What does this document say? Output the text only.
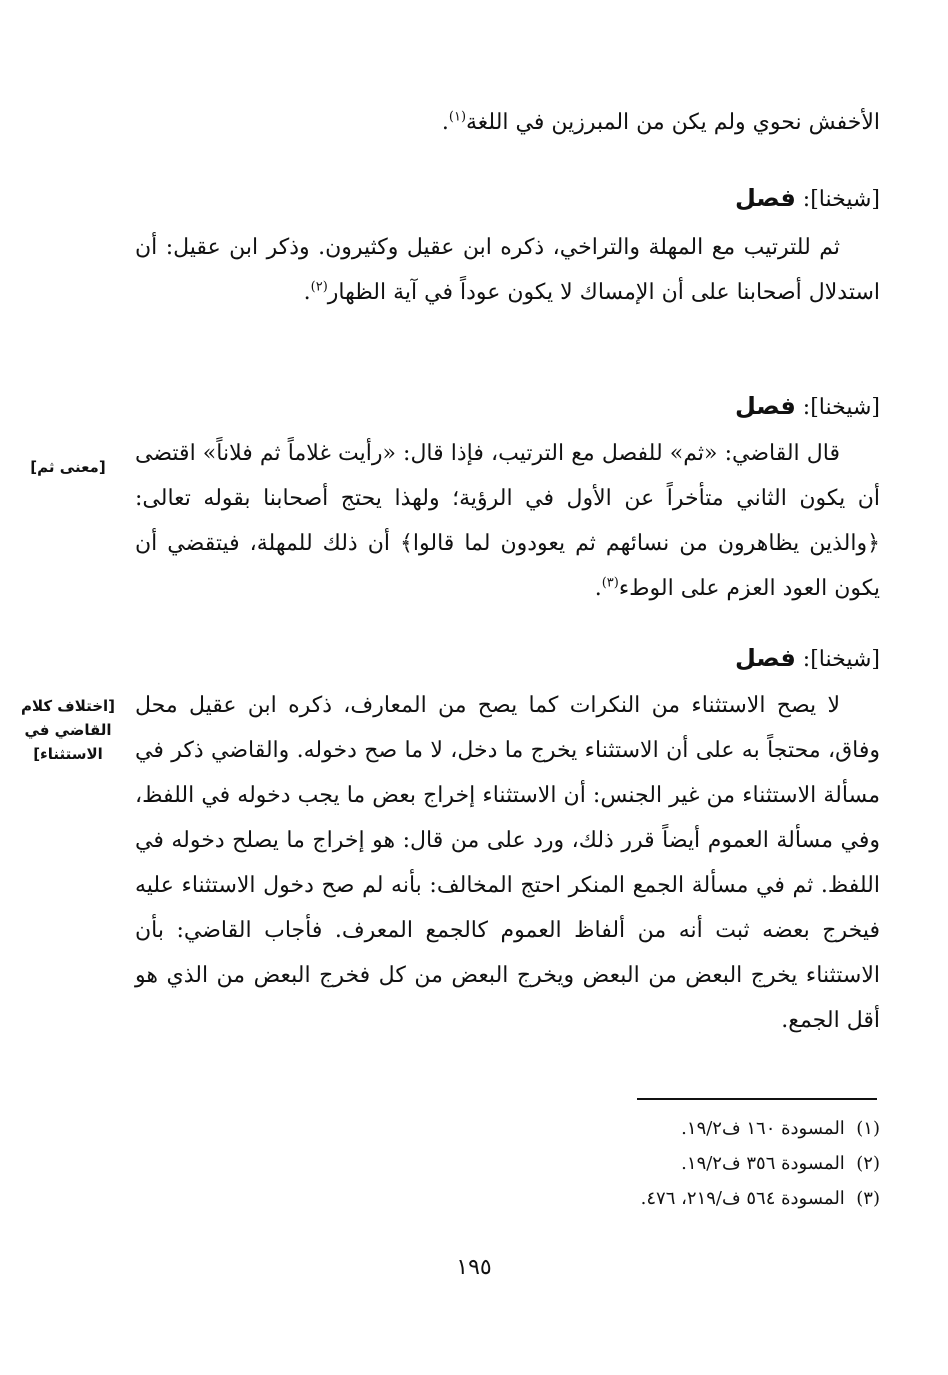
الأخفش نحوي ولم يكن من المبرزين في اللغة$^{(١)}$.
[شيخنا]: فصل
ثم للترتيب مع المهلة والتراخي، ذكره ابن عقيل وكثيرون. وذكر ابن عقيل: أن استدلال أصحابنا على أن الإمساك لا يكون عوداً في آية الظهار$^{(٢)}$.
[شيخنا]: فصل
[معنى ثم]
قال القاضي: «ثم» للفصل مع الترتيب، فإذا قال: «رأيت غلاماً ثم فلاناً» اقتضى أن يكون الثاني متأخراً عن الأول في الرؤية؛ ولهذا يحتج أصحابنا بقوله تعالى: ﴿والذين يظاهرون من نسائهم ثم يعودون لما قالوا﴾ أن ذلك للمهلة، فيتقضي أن يكون العود العزم على الوطء$^{(٣)}$.
[شيخنا]: فصل
[اختلاف كلام القاضي في الاستثناء]
لا يصح الاستثناء من النكرات كما يصح من المعارف، ذكره ابن عقيل محل وفاق، محتجاً به على أن الاستثناء يخرج ما دخل، لا ما صح دخوله. والقاضي ذكر في مسألة الاستثناء من غير الجنس: أن الاستثناء إخراج بعض ما يجب دخوله في اللفظ، وفي مسألة العموم أيضاً قرر ذلك، ورد على من قال: هو إخراج ما يصلح دخوله في اللفظ. ثم في مسألة الجمع المنكر احتج المخالف: بأنه لم صح دخول الاستثناء عليه فيخرج بعضه ثبت أنه من ألفاظ العموم كالجمع المعرف. فأجاب القاضي: بأن الاستثناء يخرج البعض من البعض ويخرج البعض من كل فخرج البعض من الذي هو أقل الجمع.
(١)  المسودة ١٦٠ ف١٩/٢.
(٢)  المسودة ٣٥٦ ف١٩/٢.
(٣)  المسودة ٥٦٤ ف/٢١٩، ٤٧٦.
١٩٥
